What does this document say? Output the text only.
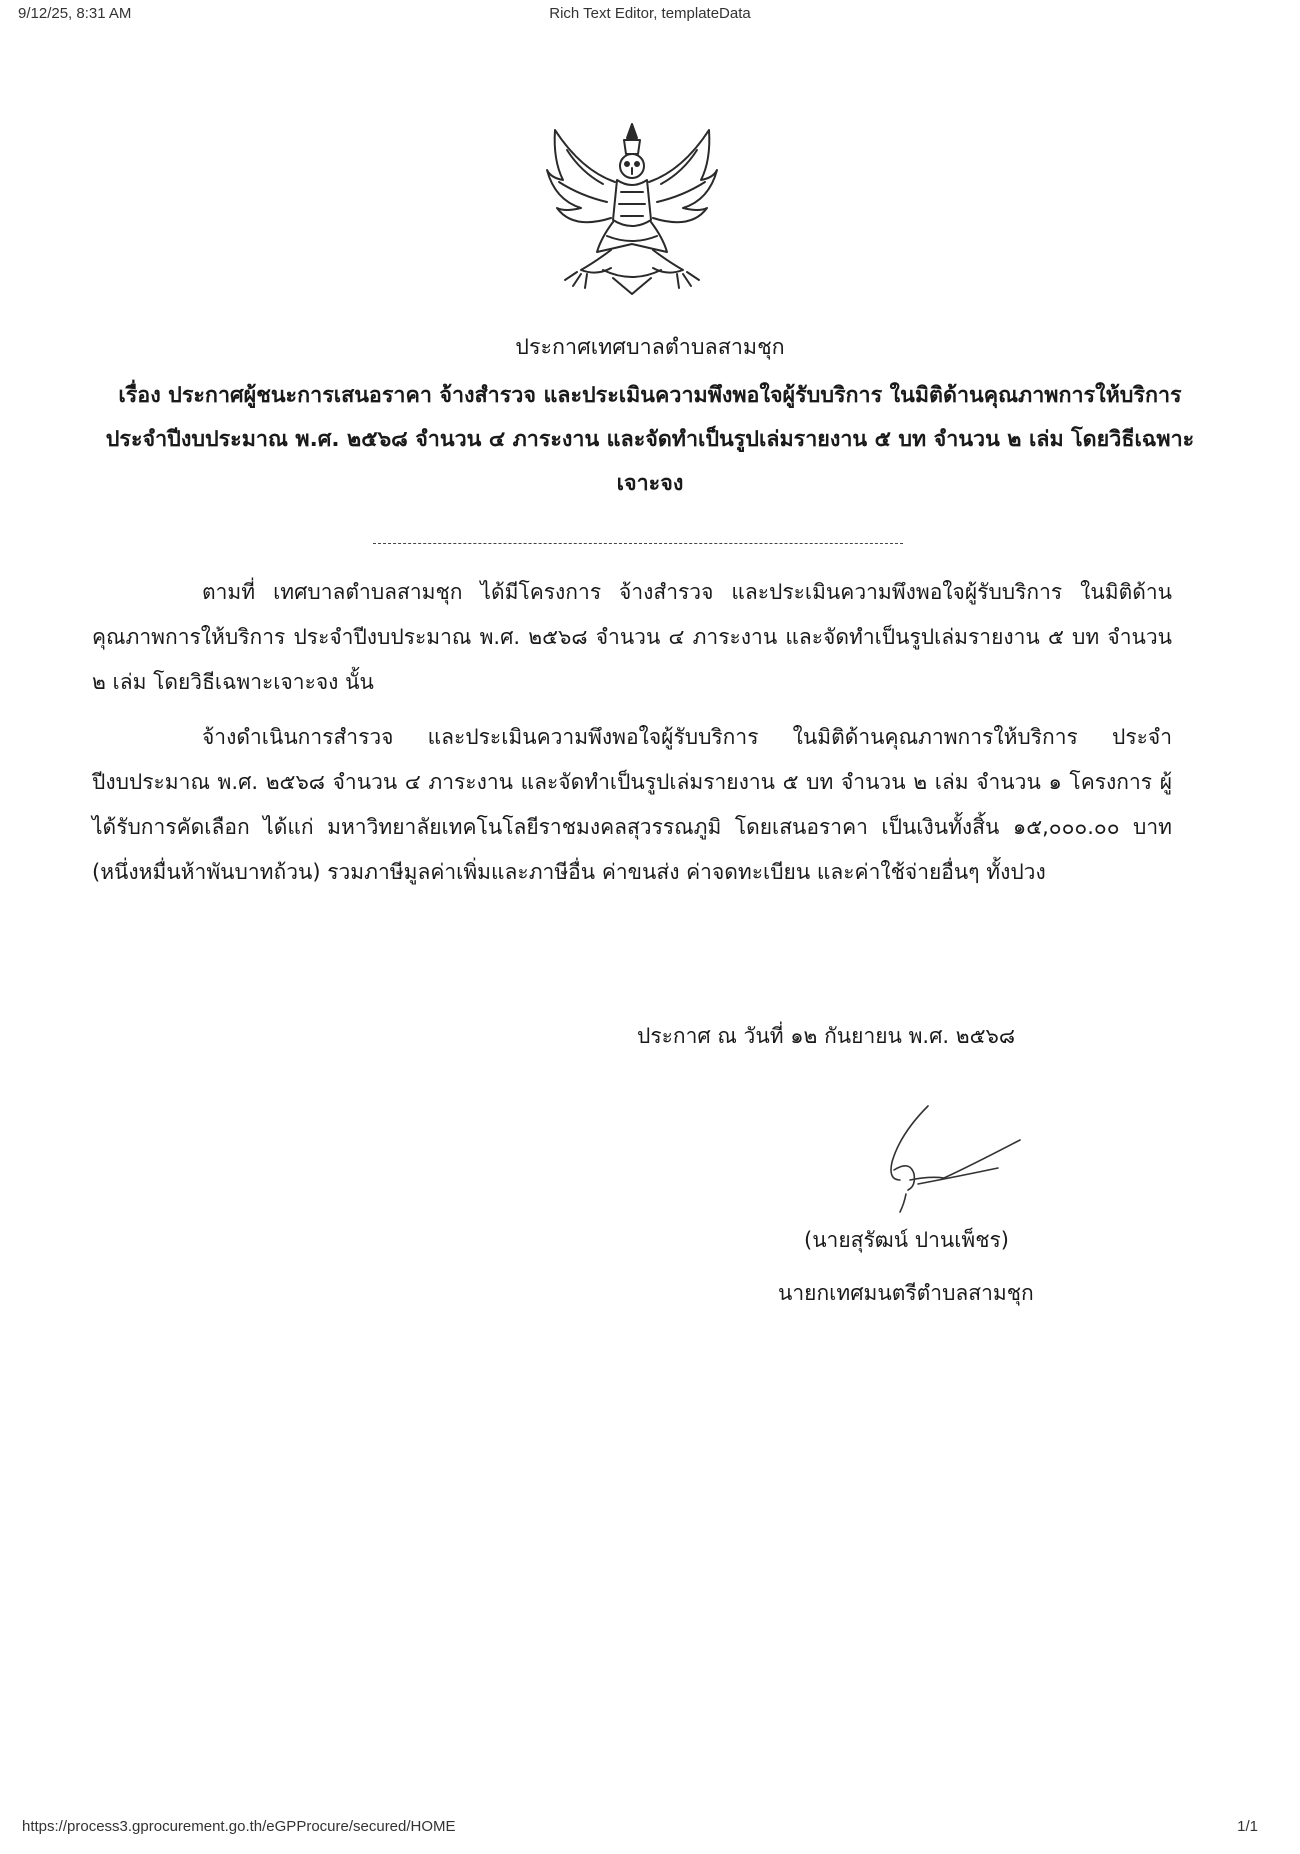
9/12/25, 8:31 AM	Rich Text Editor, templateData
ประกาศเทศบาลตำบลสามชุก
เรื่อง ประกาศผู้ชนะการเสนอราคา จ้างสำรวจ และประเมินความพึงพอใจผู้รับบริการ ในมิติด้านคุณภาพการให้บริการ ประจำปีงบประมาณ พ.ศ. ๒๕๖๘ จำนวน ๔ ภาระงาน และจัดทำเป็นรูปเล่มรายงาน ๕ บท จำนวน ๒ เล่ม โดยวิธีเฉพาะเจาะจง
ตามที่ เทศบาลตำบลสามชุก ได้มีโครงการ จ้างสำรวจ และประเมินความพึงพอใจผู้รับบริการ ในมิติด้านคุณภาพการให้บริการ ประจำปีงบประมาณ พ.ศ. ๒๕๖๘ จำนวน ๔ ภาระงาน และจัดทำเป็นรูปเล่มรายงาน ๕ บท จำนวน ๒ เล่ม โดยวิธีเฉพาะเจาะจง นั้น
จ้างดำเนินการสำรวจ และประเมินความพึงพอใจผู้รับบริการ ในมิติด้านคุณภาพการให้บริการ ประจำปีงบประมาณ พ.ศ. ๒๕๖๘ จำนวน ๔ ภาระงาน และจัดทำเป็นรูปเล่มรายงาน ๕ บท จำนวน ๒ เล่ม จำนวน ๑ โครงการ ผู้ได้รับการคัดเลือก ได้แก่ มหาวิทยาลัยเทคโนโลยีราชมงคลสุวรรณภูมิ โดยเสนอราคา เป็นเงินทั้งสิ้น ๑๕,๐๐๐.๐๐ บาท (หนึ่งหมื่นห้าพันบาทถ้วน) รวมภาษีมูลค่าเพิ่มและภาษีอื่น ค่าขนส่ง ค่าจดทะเบียน และค่าใช้จ่ายอื่นๆ ทั้งปวง
ประกาศ ณ วันที่ ๑๒ กันยายน พ.ศ. ๒๕๖๘
(นายสุรัฒน์ ปานเพ็ชร)
นายกเทศมนตรีตำบลสามชุก
https://process3.gprocurement.go.th/eGPProcure/secured/HOME	1/1
